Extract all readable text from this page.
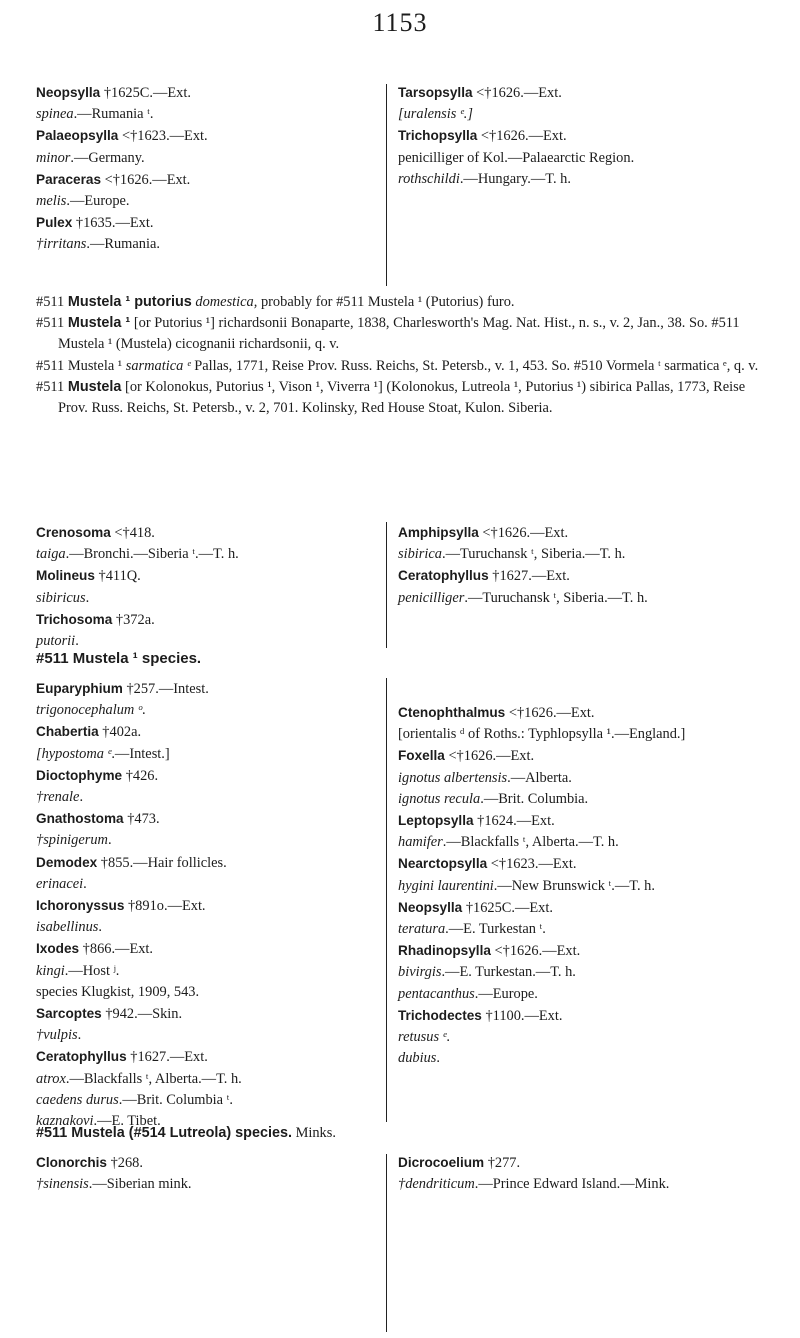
1153

Neopsylla †1625C.—Ext.

spinea.—Rumania ᵗ.

Palaeopsylla <†1623.—Ext.

minor.—Germany.

Paraceras <†1626.—Ext.

melis.—Europe.

Pulex †1635.—Ext.

†irritans.—Rumania.

Tarsopsylla <†1626.—Ext.

[uralensis ᵉ.]

Trichopsylla <†1626.—Ext.

penicilliger of Kol.—Palaearctic Region.

rothschildi.—Hungary.—T. h.

#511 Mustela ¹ putorius domestica, probably for #511 Mustela ¹ (Putorius) furo.

#511 Mustela ¹ [or Putorius ¹] richardsonii Bonaparte, 1838, Charlesworth's Mag. Nat. Hist., n. s., v. 2, Jan., 38. So. #511 Mustela ¹ (Mustela) cicognanii richardsonii, q. v.

#511 Mustela ¹ sarmatica ᵉ Pallas, 1771, Reise Prov. Russ. Reichs, St. Petersb., v. 1, 453. So. #510 Vormela ᵗ sarmatica ᵉ, q. v.

#511 Mustela [or Kolonokus, Putorius ¹, Vison ¹, Viverra ¹] (Kolonokus, Lutreola ¹, Putorius ¹) sibirica Pallas, 1773, Reise Prov. Russ. Reichs, St. Petersb., v. 2, 701. Kolinsky, Red House Stoat, Kulon. Siberia.

Crenosoma <†418.

taiga.—Bronchi.—Siberia ᵗ.—T. h.

Molineus †411Q.

sibiricus.

Trichosoma †372a.

putorii.

Amphipsylla <†1626.—Ext.

sibirica.—Turuchansk ᵗ, Siberia.—T. h.

Ceratophyllus †1627.—Ext.

penicilliger.—Turuchansk ᵗ, Siberia.—T. h.

#511 Mustela ¹ species.

Euparyphium †257.—Intest.

trigonocephalum ᵒ.

Chabertia †402a.

[hypostoma ᵉ.—Intest.]

Dioctophyme †426.

†renale.

Gnathostoma †473.

†spinigerum.

Demodex †855.—Hair follicles.

erinacei.

Ichoronyssus †891o.—Ext.

isabellinus.

Ixodes †866.—Ext.

kingi.—Host ʲ.

species Klugkist, 1909, 543.

Sarcoptes †942.—Skin.

†vulpis.

Ceratophyllus †1627.—Ext.

atrox.—Blackfalls ᵗ, Alberta.—T. h.

caedens durus.—Brit. Columbia ᵗ.

kaznakovi.—E. Tibet.

Ctenophthalmus <†1626.—Ext.

[orientalis ᵈ of Roths.: Typhlopsylla ¹.—England.]

Foxella <†1626.—Ext.

ignotus albertensis.—Alberta.

ignotus recula.—Brit. Columbia.

Leptopsylla †1624.—Ext.

hamifer.—Blackfalls ᵗ, Alberta.—T. h.

Nearctopsylla <†1623.—Ext.

hygini laurentini.—New Brunswick ᵗ.—T. h.

Neopsylla †1625C.—Ext.

teratura.—E. Turkestan ᵗ.

Rhadinopsylla <†1626.—Ext.

bivirgis.—E. Turkestan.—T. h.

pentacanthus.—Europe.

Trichodectes †1100.—Ext.

retusus ᵉ.

dubius.

#511 Mustela (#514 Lutreola) species. Minks.

Clonorchis †268.

†sinensis.—Siberian mink.

Dicrocoelium †277.

†dendriticum.—Prince Edward Island.—Mink.
